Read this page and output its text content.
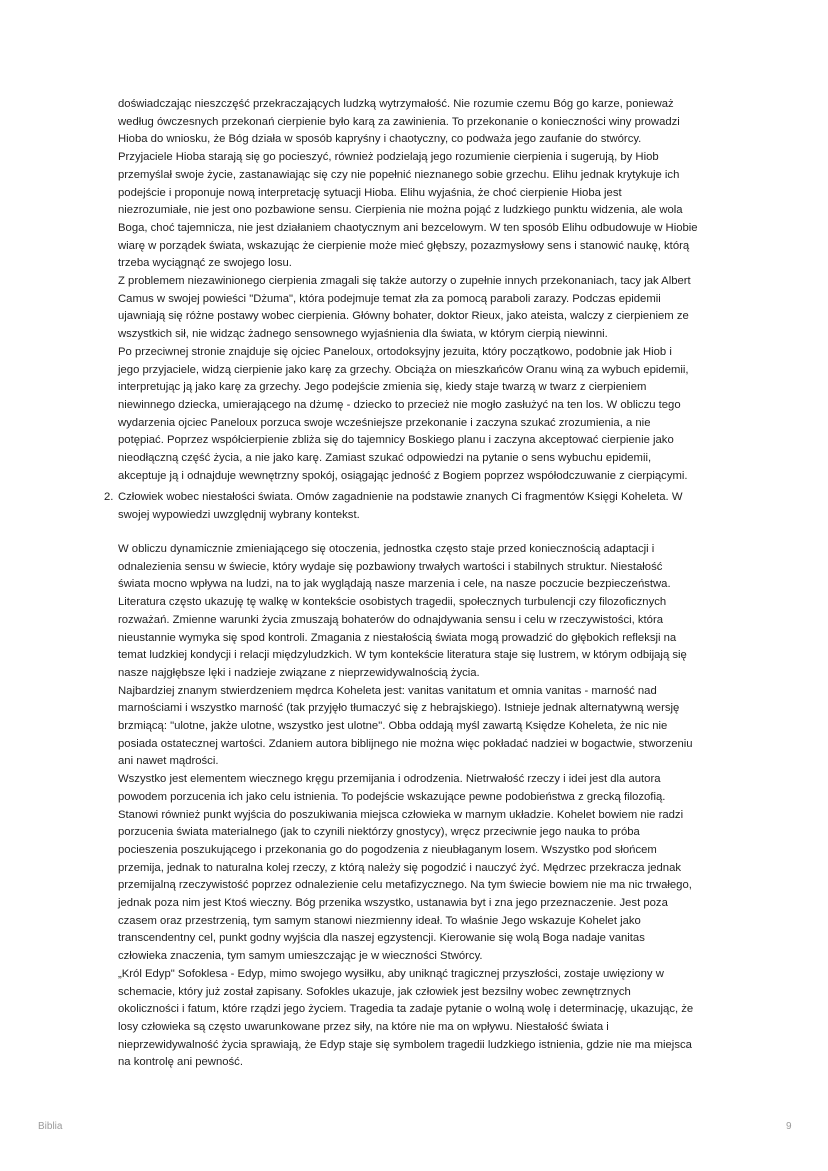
doświadczając nieszczęść przekraczających ludzką wytrzymałość. Nie rozumie czemu Bóg go karze, ponieważ
według ówczesnych przekonań cierpienie było karą za zawinienia. To przekonanie o konieczności winy prowadzi
Hioba do wniosku, że Bóg działa w sposób kapryśny i chaotyczny, co podważa jego zaufanie do stwórcy.
Przyjaciele Hioba starają się go pocieszyć, również podzielają jego rozumienie cierpienia i sugerują, by Hiob
przemyślał swoje życie, zastanawiając się czy nie popełnić nieznanego sobie grzechu. Elihu jednak krytykuje ich
podejście i proponuje nową interpretację sytuacji Hioba. Elihu wyjaśnia, że choć cierpienie Hioba jest
niezrozumiałe, nie jest ono pozbawione sensu. Cierpienia nie można pojąć z ludzkiego punktu widzenia, ale wola
Boga, choć tajemnicza, nie jest działaniem chaotycznym ani bezcelowym. W ten sposób Elihu odbudowuje w Hiobie
wiarę w porządek świata, wskazując że cierpienie może mieć głębszy, pozazmysłowy sens i stanowić naukę, którą
trzeba wyciągnąć ze swojego losu.
Z problemem niezawinionego cierpienia zmagali się także autorzy o zupełnie innych przekonaniach, tacy jak Albert
Camus w swojej powieści "Dżuma", która podejmuje temat zła za pomocą paraboli zarazy. Podczas epidemii
ujawniają się różne postawy wobec cierpienia. Główny bohater, doktor Rieux, jako ateista, walczy z cierpieniem ze
wszystkich sił, nie widząc żadnego sensownego wyjaśnienia dla świata, w którym cierpią niewinni.
Po przeciwnej stronie znajduje się ojciec Paneloux, ortodoksyjny jezuita, który początkowo, podobnie jak Hiob i
jego przyjaciele, widzą cierpienie jako karę za grzechy. Obciąża on mieszkańców Oranu winą za wybuch epidemii,
interpretując ją jako karę za grzechy. Jego podejście zmienia się, kiedy staje twarzą w twarz z cierpieniem
niewinnego dziecka, umierającego na dżumę - dziecko to przecież nie mogło zasłużyć na ten los. W obliczu tego
wydarzenia ojciec Paneloux porzuca swoje wcześniejsze przekonanie i zaczyna szukać zrozumienia, a nie
potępiać. Poprzez współcierpienie zbliża się do tajemnicy Boskiego planu i zaczyna akceptować cierpienie jako
nieodłączną część życia, a nie jako karę. Zamiast szukać odpowiedzi na pytanie o sens wybuchu epidemii,
akceptuje ją i odnajduje wewnętrzny spokój, osiągając jedność z Bogiem poprzez współodczuwanie z cierpiącymi.
2. Człowiek wobec niestałości świata. Omów zagadnienie na podstawie znanych Ci fragmentów Księgi Koheleta. W
swojej wypowiedzi uwzględnij wybrany kontekst.
W obliczu dynamicznie zmieniającego się otoczenia, jednostka często staje przed koniecznością adaptacji i
odnalezienia sensu w świecie, który wydaje się pozbawiony trwałych wartości i stabilnych struktur. Niestałość
świata mocno wpływa na ludzi, na to jak wyglądają nasze marzenia i cele, na nasze poczucie bezpieczeństwa.
Literatura często ukazuję tę walkę w kontekście osobistych tragedii, społecznych turbulencji czy filozoficznych
rozważań. Zmienne warunki życia zmuszają bohaterów do odnajdywania sensu i celu w rzeczywistości, która
nieustannie wymyka się spod kontroli. Zmagania z niestałością świata mogą prowadzić do głębokich refleksji na
temat ludzkiej kondycji i relacji międzyludzkich. W tym kontekście literatura staje się lustrem, w którym odbijają się
nasze najgłębsze lęki i nadzieje związane z nieprzewidywalnością życia.
Najbardziej znanym stwierdzeniem mędrca Koheleta jest: vanitas vanitatum et omnia vanitas - marność nad
marnościami i wszystko marność (tak przyjęło tłumaczyć się z hebrajskiego). Istnieje jednak alternatywną wersję
brzmiącą: "ulotne, jakże ulotne, wszystko jest ulotne". Obba oddają myśl zawartą Księdze Koheleta, że nic nie
posiada ostatecznej wartości. Zdaniem autora biblijnego nie można więc pokładać nadziei w bogactwie, stworzeniu
ani nawet mądrości.
Wszystko jest elementem wiecznego kręgu przemijania i odrodzenia. Nietrwałość rzeczy i idei jest dla autora
powodem porzucenia ich jako celu istnienia. To podejście wskazujące pewne podobieństwa z grecką filozofią.
Stanowi również punkt wyjścia do poszukiwania miejsca człowieka w marnym układzie. Kohelet bowiem nie radzi
porzucenia świata materialnego (jak to czynili niektórzy gnostycy), wręcz przeciwnie jego nauka to próba
pocieszenia poszukującego i przekonania go do pogodzenia z nieubłaganym losem. Wszystko pod słońcem
przemija, jednak to naturalna kolej rzeczy, z którą należy się pogodzić i nauczyć żyć. Mędrzec przekracza jednak
przemijalną rzeczywistość poprzez odnalezienie celu metafizycznego. Na tym świecie bowiem nie ma nic trwałego,
jednak poza nim jest Ktoś wieczny. Bóg przenika wszystko, ustanawia byt i zna jego przeznaczenie. Jest poza
czasem oraz przestrzenią, tym samym stanowi niezmienny ideał. To właśnie Jego wskazuje Kohelet jako
transcendentny cel, punkt godny wyjścia dla naszej egzystencji. Kierowanie się wolą Boga nadaje vanitas
człowieka znaczenia, tym samym umieszczając je w wieczności Stwórcy.
„Król Edyp" Sofoklesa - Edyp, mimo swojego wysiłku, aby uniknąć tragicznej przyszłości, zostaje uwięziony w
schemacie, który już został zapisany. Sofokles ukazuje, jak człowiek jest bezsilny wobec zewnętrznych
okoliczności i fatum, które rządzi jego życiem. Tragedia ta zadaje pytanie o wolną wolę i determinację, ukazując, że
losy człowieka są często uwarunkowane przez siły, na które nie ma on wpływu. Niestałość świata i
nieprzewidywalność życia sprawiają, że Edyp staje się symbolem tragedii ludzkiego istnienia, gdzie nie ma miejsca
na kontrolę ani pewność.
Biblia	9
